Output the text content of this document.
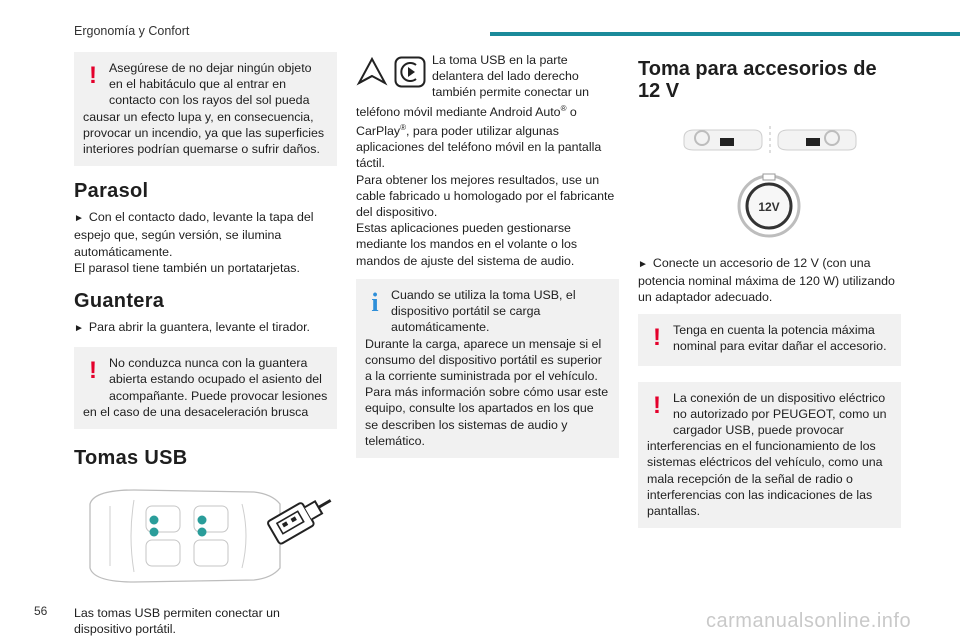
Ergonomía y Confort
! Asegúrese de no dejar ningún objeto en el habitáculo que al entrar en contacto con los rayos del sol pueda causar un efecto lupa y, en consecuencia, provocar un incendio, ya que las superficies interiores podrían quemarse o sufrir daños.
Parasol

► Con el contacto dado, levante la tapa del espejo que, según versión, se ilumina automáticamente.
El parasol tiene también un portatarjetas.

Guantera

► Para abrir la guantera, levante el tirador.

! No conduzca nunca con la guantera abierta estando ocupado el asiento del acompañante. Puede provocar lesiones en el caso de una desaceleración brusca
Tomas USB

Las tomas USB permiten conectar un dispositivo portátil.

La toma USB en la parte delantera del lado derecho también permite conectar un teléfono móvil mediante Android Auto® o CarPlay®, para poder utilizar algunas aplicaciones del teléfono móvil en la pantalla táctil.

Para obtener los mejores resultados, use un cable fabricado u homologado por el fabricante del dispositivo.

Estas aplicaciones pueden gestionarse mediante los mandos en el volante o los mandos de ajuste del sistema de audio.

i Cuando se utiliza la toma USB, el dispositivo portátil se carga automáticamente.
Durante la carga, aparece un mensaje si el consumo del dispositivo portátil es superior a la corriente suministrada por el vehículo.
Para más información sobre cómo usar este equipo, consulte los apartados en los que se describen los sistemas de audio y telemático.
Toma para accesorios de 12 V
12V

► Conecte un accesorio de 12 V (con una potencia nominal máxima de 120 W) utilizando un adaptador adecuado.

! Tenga en cuenta la potencia máxima nominal para evitar dañar el accesorio.
! La conexión de un dispositivo eléctrico no autorizado por PEUGEOT, como un cargador USB, puede provocar interferencias en el funcionamiento de los sistemas eléctricos del vehículo, como una mala recepción de la señal de radio o interferencias con las indicaciones de las pantallas.
56	carmanualsonline.info
